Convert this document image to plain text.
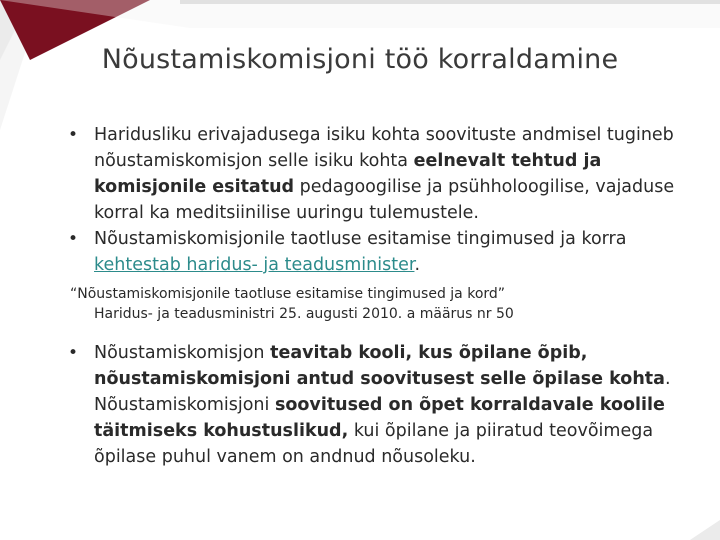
Nõustamiskomisjoni töö korraldamine

• Haridusliku erivajadusega isiku kohta soovituste andmisel tugineb nõustamiskomisjon selle isiku kohta eelnevalt tehtud ja komisjonile esitatud pedagoogilise ja psühholoogilise, vajaduse korral ka meditsiinilise uuringu tulemustele.

• Nõustamiskomisjonile taotluse esitamise tingimused ja korra kehtestab haridus- ja teadusminister.

“Nõustamiskomisjonile taotluse esitamise tingimused ja kord”
Haridus- ja teadusministri 25. augusti 2010. a määrus nr 50

• Nõustamiskomisjon teavitab kooli, kus õpilane õpib, nõustamiskomisjoni antud soovitusest selle õpilase kohta. Nõustamiskomisjoni soovitused on õpet korraldavale koolile täitmiseks kohustuslikud, kui õpilane ja piiratud teovõimega õpilase puhul vanem on andnud nõusoleku.
